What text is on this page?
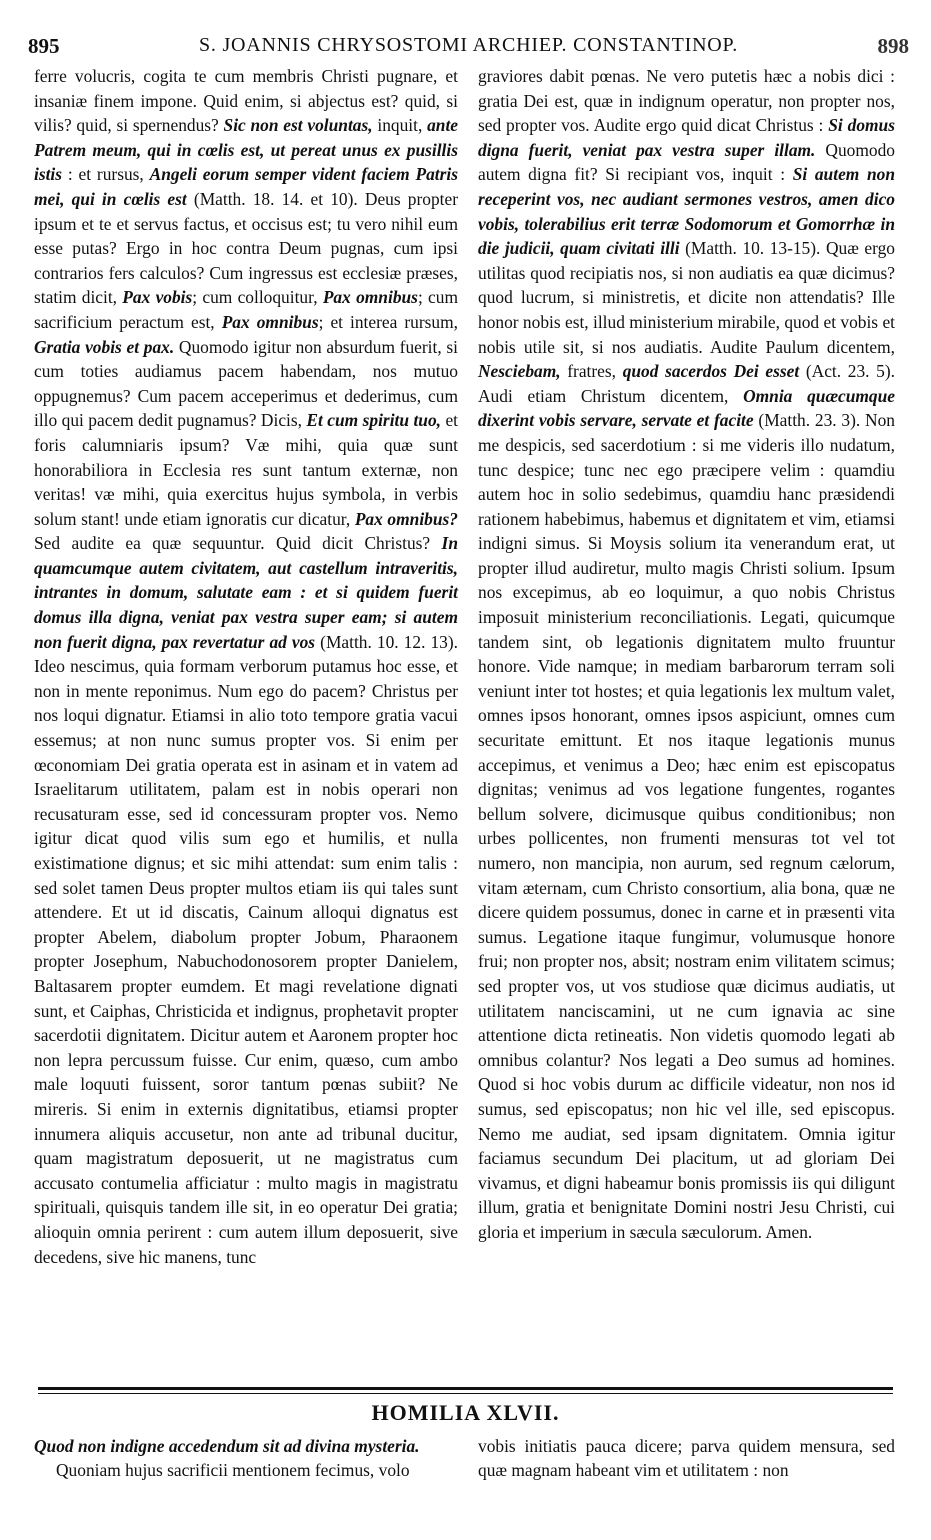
895	S. JOANNIS CHRYSOSTOMI ARCHIEP. CONSTANTINOP.	898

ferre volucris, cogita te cum membris Christi pugnare, et insaniæ finem impone. Quid enim, si abjectus est? quid, si vilis? quid, si spernendus? Sic non est voluntas, inquit, ante Patrem meum, qui in cœlis est, ut pereat unus ex pusillis istis : et rursus, Angeli eorum semper vident faciem Patris mei, qui in cœlis est (Matth. 18. 14. et 10). Deus propter ipsum et te et servus factus, et occisus est; tu vero nihil eum esse putas? Ergo in hoc contra Deum pugnas, cum ipsi contrarios fers calculos? Cum ingressus est ecclesiæ præses, statim dicit, Pax vobis; cum colloquitur, Pax omnibus; cum sacrificium peractum est, Pax omnibus; et interea rursum, Gratia vobis et pax. Quomodo igitur non absurdum fuerit, si cum toties audiamus pacem habendam, nos mutuo oppugnemus? Cum pacem acceperimus et dederimus, cum illo qui pacem dedit pugnamus? Dicis, Et cum spiritu tuo, et foris calumniaris ipsum? Væ mihi, quia quæ sunt honorabiliora in Ecclesia res sunt tantum externæ, non veritas! væ mihi, quia exercitus hujus symbola, in verbis solum stant! unde etiam ignoratis cur dicatur, Pax omnibus? Sed audite ea quæ sequuntur. Quid dicit Christus? In quamcumque autem civitatem, aut castellum intraveritis, intrantes in domum, salutate eam : et si quidem fuerit domus illa digna, veniat pax vestra super eam; si autem non fuerit digna, pax revertatur ad vos (Matth. 10. 12. 13). Ideo nescimus, quia formam verborum putamus hoc esse, et non in mente reponimus. Num ego do pacem? Christus per nos loqui dignatur. Etiamsi in alio toto tempore gratia vacui essemus; at non nunc sumus propter vos. Si enim per œconomiam Dei gratia operata est in asinam et in vatem ad Israelitarum utilitatem, palam est in nobis operari non recusaturam esse, sed id concessuram propter vos. Nemo igitur dicat quod vilis sum ego et humilis, et nulla existimatione dignus; et sic mihi attendat: sum enim talis : sed solet tamen Deus propter multos etiam iis qui tales sunt attendere. Et ut id discatis, Cainum alloqui dignatus est propter Abelem, diabolum propter Jobum, Pharaonem propter Josephum, Nabuchodonosorem propter Danielem, Baltasarem propter eumdem. Et magi revelatione dignati sunt, et Caiphas, Christicida et indignus, prophetavit propter sacerdotii dignitatem. Dicitur autem et Aaronem propter hoc non lepra percussum fuisse. Cur enim, quæso, cum ambo male loquuti fuissent, soror tantum pœnas subiit? Ne mireris. Si enim in externis dignitatibus, etiamsi propter innumera aliquis accusetur, non ante ad tribunal ducitur, quam magistratum deposuerit, ut ne magistratus cum accusato contumelia afficiatur : multo magis in magistratu spirituali, quisquis tandem ille sit, in eo operatur Dei gratia; alioquin omnia perirent : cum autem illum deposuerit, sive decedens, sive hic manens, tunc

graviores dabit pœnas. Ne vero putetis hæc a nobis dici : gratia Dei est, quæ in indignum operatur, non propter nos, sed propter vos. Audite ergo quid dicat Christus : Si domus digna fuerit, veniat pax vestra super illam. Quomodo autem digna fit? Si recipiant vos, inquit : Si autem non receperint vos, nec audiant sermones vestros, amen dico vobis, tolerabilius erit terræ Sodomorum et Gomorrhæ in die judicii, quam civitati illi (Matth. 10. 13-15). Quæ ergo utilitas quod recipiatis nos, si non audiatis ea quæ dicimus? quod lucrum, si ministretis, et dicite non attendatis? Ille honor nobis est, illud ministerium mirabile, quod et vobis et nobis utile sit, si nos audiatis. Audite Paulum dicentem, Nesciebam, fratres, quod sacerdos Dei esset (Act. 23. 5). Audi etiam Christum dicentem, Omnia quæcumque dixerint vobis servare, servate et facite (Matth. 23. 3). Non me despicis, sed sacerdotium : si me videris illo nudatum, tunc despice; tunc nec ego præcipere velim : quamdiu autem hoc in solio sedebimus, quamdiu hanc præsidendi rationem habebimus, habemus et dignitatem et vim, etiamsi indigni simus. Si Moysis solium ita venerandum erat, ut propter illud audiretur, multo magis Christi solium. Ipsum nos excepimus, ab eo loquimur, a quo nobis Christus imposuit ministerium reconciliationis. Legati, quicumque tandem sint, ob legationis dignitatem multo fruuntur honore. Vide namque; in mediam barbarorum terram soli veniunt inter tot hostes; et quia legationis lex multum valet, omnes ipsos honorant, omnes ipsos aspiciunt, omnes cum securitate emittunt. Et nos itaque legationis munus accepimus, et venimus a Deo; hæc enim est episcopatus dignitas; venimus ad vos legatione fungentes, rogantes bellum solvere, dicimusque quibus conditionibus; non urbes pollicentes, non frumenti mensuras tot vel tot numero, non mancipia, non aurum, sed regnum cælorum, vitam æternam, cum Christo consortium, alia bona, quæ ne dicere quidem possumus, donec in carne et in præsenti vita sumus. Legatione itaque fungimur, volumusque honore frui; non propter nos, absit; nostram enim vilitatem scimus; sed propter vos, ut vos studiose quæ dicimus audiatis, ut utilitatem nanciscamini, ut ne cum ignavia ac sine attentione dicta retineatis. Non videtis quomodo legati ab omnibus colantur? Nos legati a Deo sumus ad homines. Quod si hoc vobis durum ac difficile videatur, non nos id sumus, sed episcopatus; non hic vel ille, sed episcopus. Nemo me audiat, sed ipsam dignitatem. Omnia igitur faciamus secundum Dei placitum, ut ad gloriam Dei vivamus, et digni habeamur bonis promissis iis qui diligunt illum, gratia et benignitate Domini nostri Jesu Christi, cui gloria et imperium in sæcula sæculorum. Amen.

HOMILIA XLVII.
Quod non indigne accedendum sit ad divina mysteria.
Quoniam hujus sacrificii mentionem fecimus, volo
vobis initiatis pauca dicere; parva quidem mensura, sed quæ magnam habeant vim et utilitatem : non
